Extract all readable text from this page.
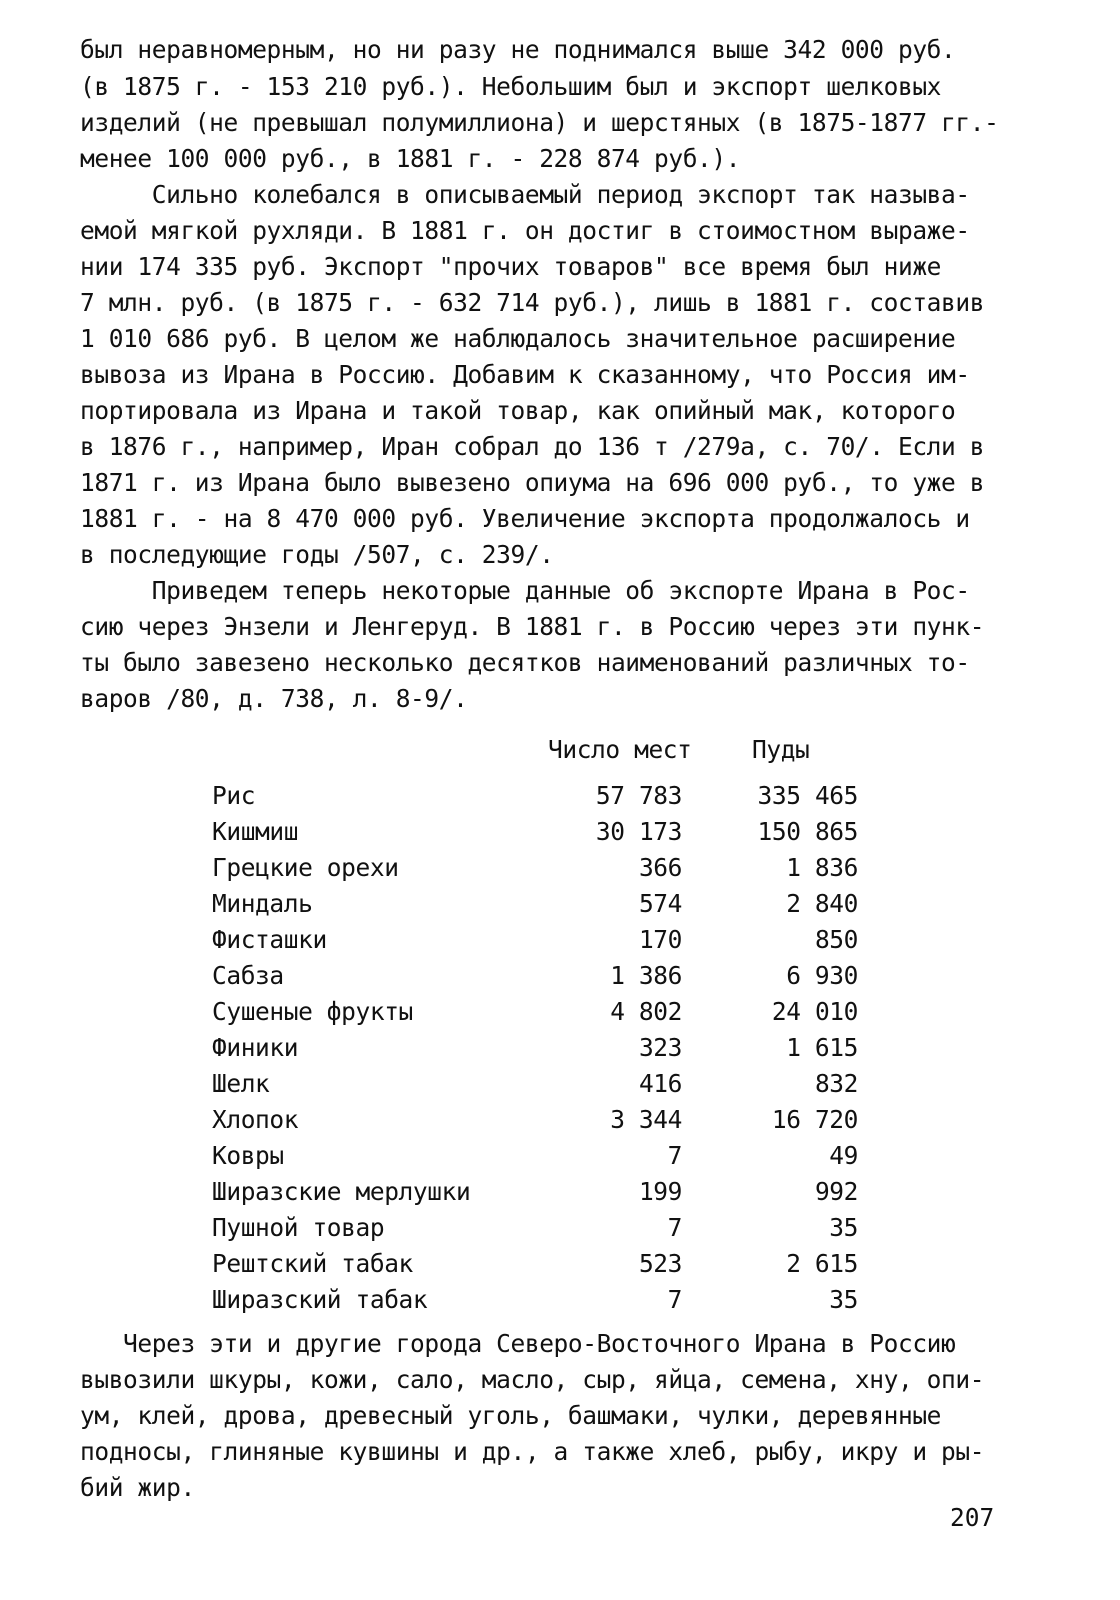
был неравномерным, но ни разу не поднимался выше 342 000 руб.
(в 1875 г. - 153 210 руб.). Небольшим был и экспорт шелковых
изделий (не превышал полумиллиона) и шерстяных (в 1875-1877 гг.-
менее 100 000 руб., в 1881 г. - 228 874 руб.).
Сильно колебался в описываемый период экспорт так называ-
емой мягкой рухляди. В 1881 г. он достиг в стоимостном выраже-
нии 174 335 руб. Экспорт "прочих товаров" все время был ниже
7 млн. руб. (в 1875 г. - 632 714 руб.), лишь в 1881 г. составив
1 010 686 руб. В целом же наблюдалось значительное расширение
вывоза из Ирана в Россию. Добавим к сказанному, что Россия им-
портировала из Ирана и такой товар, как опийный мак, которого
в 1876 г., например, Иран собрал до 136 т /279а, с. 70/. Если в
1871 г. из Ирана было вывезено опиума на 696 000 руб., то уже в
1881 г. - на 8 470 000 руб. Увеличение экспорта продолжалось и
в последующие годы /507, с. 239/.
Приведем теперь некоторые данные об экспорте Ирана в Рос-
сию через Энзели и Ленгеруд. В 1881 г. в Россию через эти пунк-
ты было завезено несколько десятков наименований различных то-
варов /80, д. 738, л. 8-9/.
Число мест Пуды
Рис	57 783	335 465
Кишмиш	30 173	150 865
Грецкие орехи	366	1 836
Миндаль	574	2 840
Фисташки	170	850
Сабза	1 386	6 930
Сушеные фрукты	4 802	24 010
Финики	323	1 615
Шелк	416	832
Хлопок	3 344	16 720
Ковры	7	49
Ширазские мерлушки	199	992
Пушной товар	7	35
Рештский табак	523	2 615
Ширазский табак	7	35
Через эти и другие города Северо-Восточного Ирана в Россию
вывозили шкуры, кожи, сало, масло, сыр, яйца, семена, хну, опи-
ум, клей, дрова, древесный уголь, башмаки, чулки, деревянные
подносы, глиняные кувшины и др., а также хлеб, рыбу, икру и ры-
бий жир.
207
